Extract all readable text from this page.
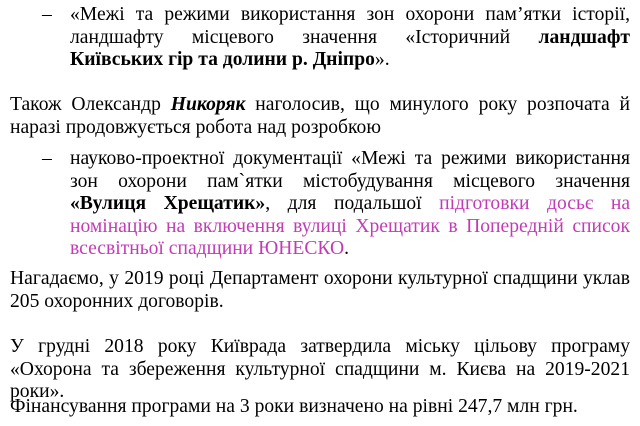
– «Межі та режими використання зон охорони пам’ятки історії, ландшафту місцевого значення «Історичний ландшафт Київських гір та долини р. Дніпро».

Також Олександр Никоряк наголосив, що минулого року розпочата й наразі продовжується робота над розробкою

– науково-проектної документації «Межі та режими використання зон охорони пам`ятки містобудування місцевого значення «Вулиця Хрещатик», для подальшої підготовки досьє на номінацію на включення вулиці Хрещатик в Попередній список всесвітньої спадщини ЮНЕСКО.

Нагадаємо, у 2019 році Департамент охорони культурної спадщини уклав 205 охоронних договорів.

У грудні 2018 року Київрада затвердила міську цільову програму «Охорона та збереження культурної спадщини м. Києва на 2019-2021 роки».

Фінансування програми на 3 роки визначено на рівні 247,7 млн грн.
